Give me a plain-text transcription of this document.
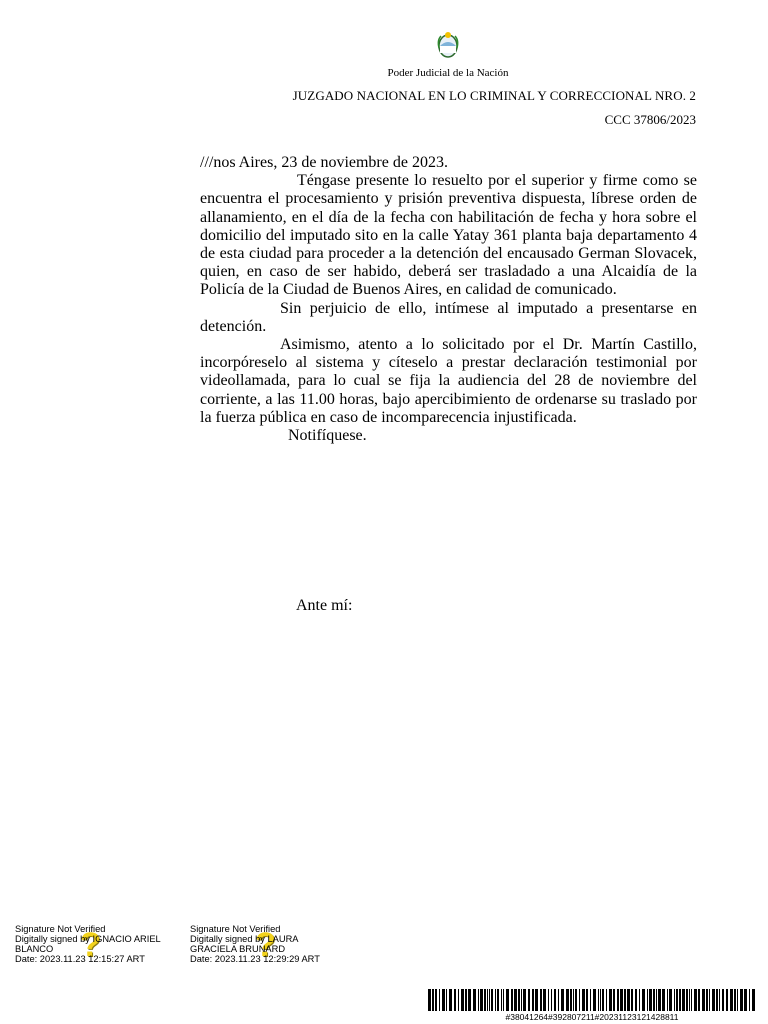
Poder Judicial de la Nación
JUZGADO NACIONAL EN LO CRIMINAL Y CORRECCIONAL NRO. 2
CCC 37806/2023

///nos Aires, 23 de noviembre de 2023.

Téngase presente lo resuelto por el superior y firme como se encuentra el procesamiento y prisión preventiva dispuesta, líbrese orden de allanamiento, en el día de la fecha con habilitación de fecha y hora sobre el domicilio del imputado sito en la calle Yatay 361 planta baja departamento 4 de esta ciudad para proceder a la detención del encausado German Slovacek, quien, en caso de ser habido, deberá ser trasladado a una Alcaidía de la Policía de la Ciudad de Buenos Aires, en calidad de comunicado.

Sin perjuicio de ello, intímese al imputado a presentarse en detención.

Asimismo, atento a lo solicitado por el Dr. Martín Castillo, incorpóreselo al sistema y cíteselo a prestar declaración testimonial por videollamada, para lo cual se fija la audiencia del 28 de noviembre del corriente, a las 11.00 horas, bajo apercibimiento de ordenarse su traslado por la fuerza pública en caso de incomparecencia injustificada.

Notifíquese.

Ante mí:
?	?
Signature Not Verified
Digitally signed by IGNACIO ARIEL
BLANCO
Date: 2023.11.23 12:15:27 ART
Signature Not Verified
Digitally signed by LAURA
GRACIELA BRUNARD
Date: 2023.11.23 12:29:29 ART
#38041264#392807211#20231123121428811
